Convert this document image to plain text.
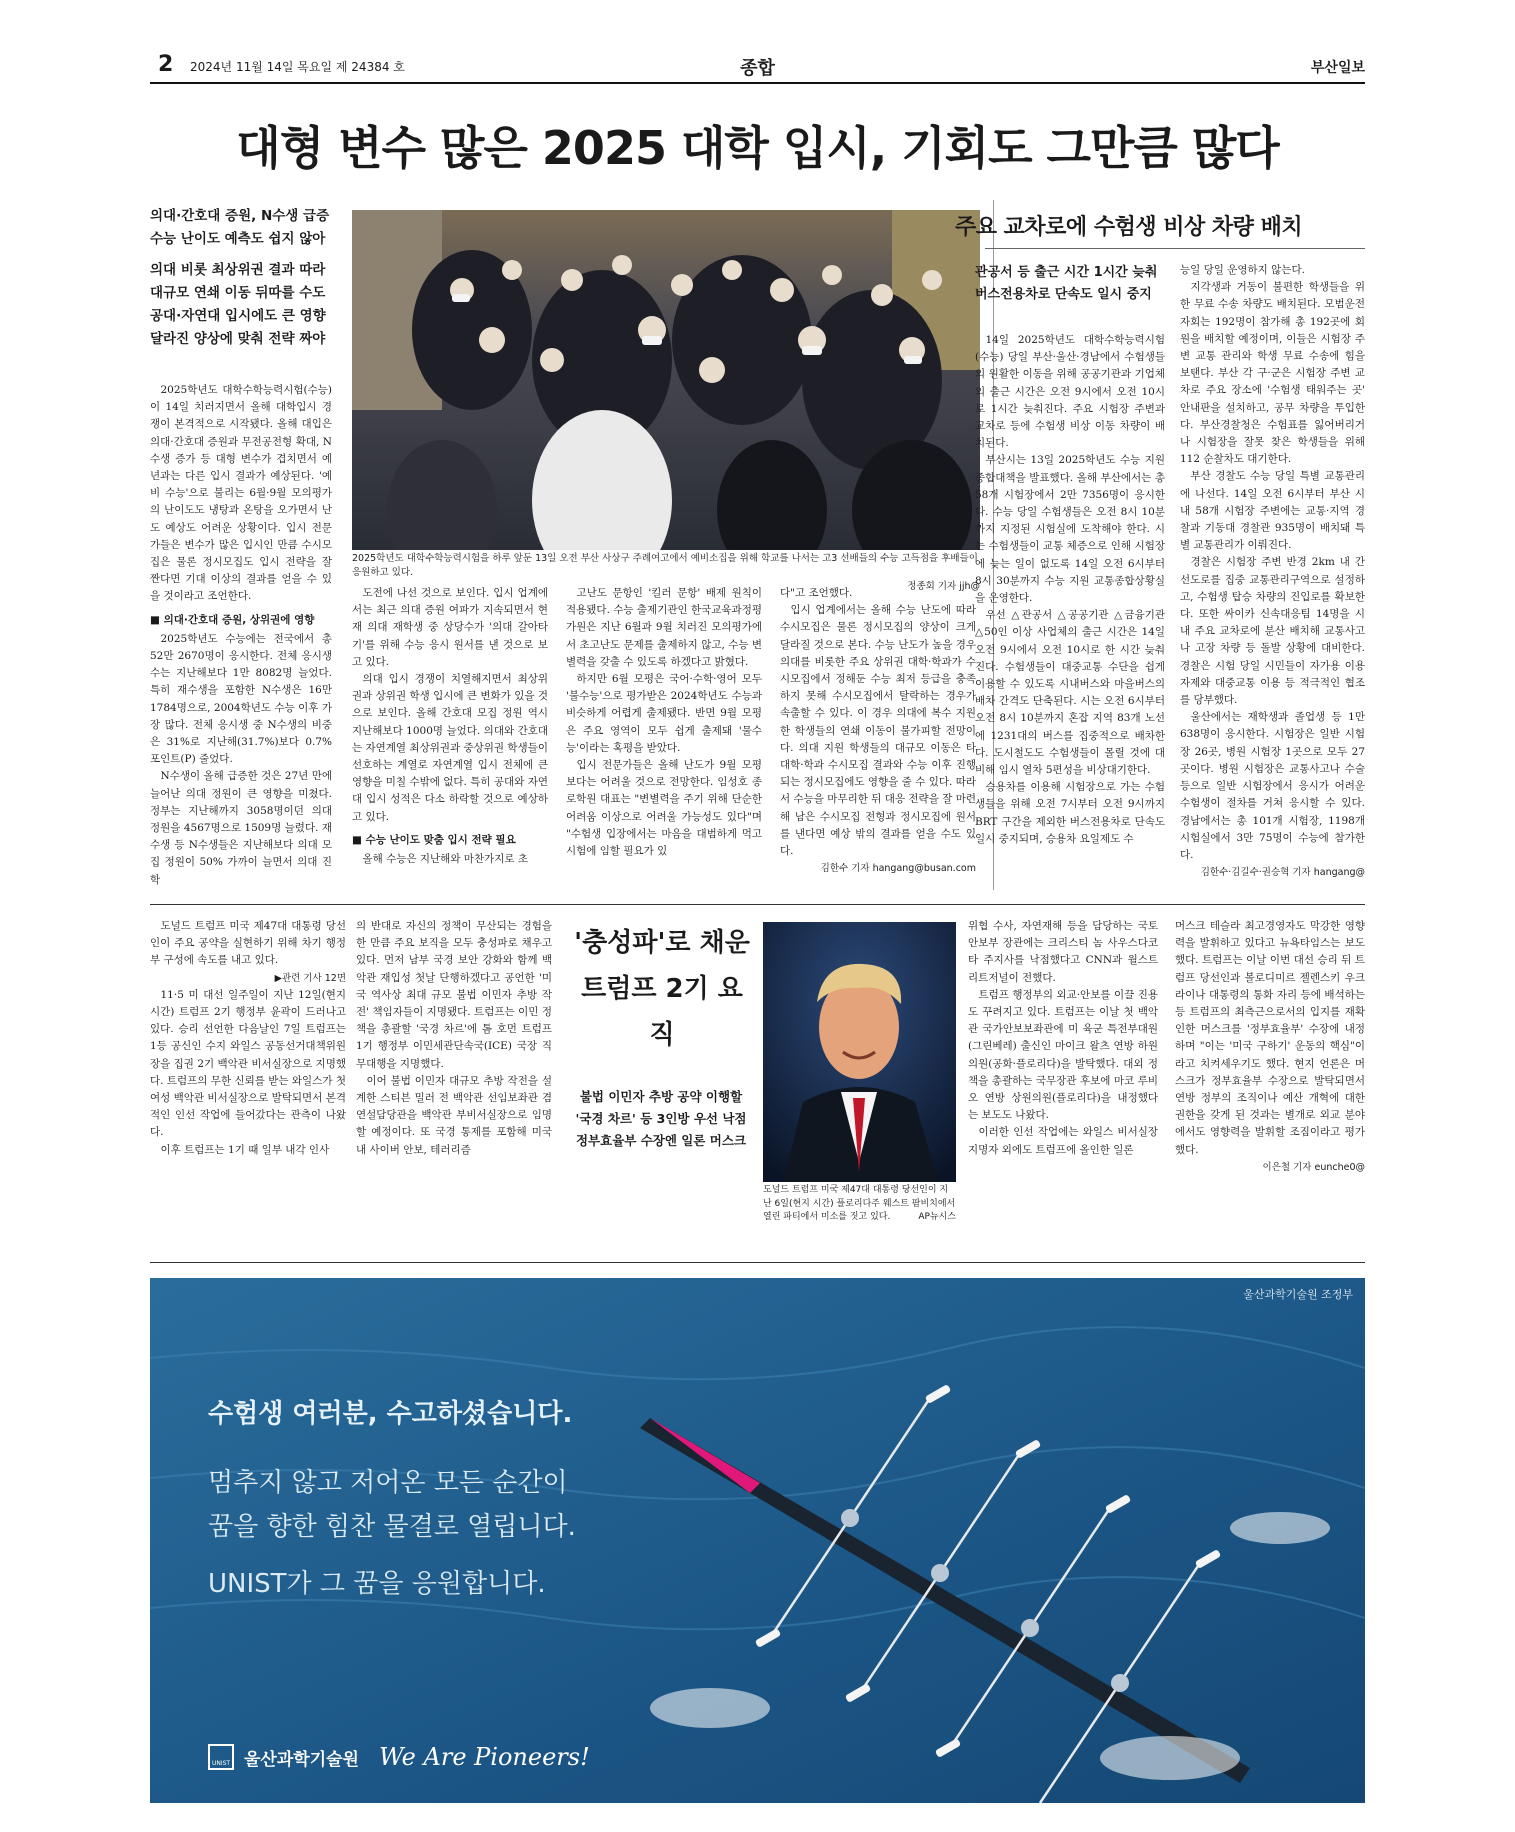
2 2024년 11월 14일 목요일 제 24384 호	종합	부산일보
대형 변수 많은 2025 대학 입시, 기회도 그만큼 많다
의대·간호대 증원, N수생 급증
수능 난이도 예측도 쉽지 않아
의대 비롯 최상위권 결과 따라
대규모 연쇄 이동 뒤따를 수도
공대·자연대 입시에도 큰 영향
달라진 양상에 맞춰 전략 짜야

2025학년도 대학수학능력시험(수능)이 14일 치러지면서 올해 대학입시 경쟁이 본격적으로 시작됐다. 올해 대입은 의대·간호대 증원과 무전공전형 확대, N수생 증가 등 대형 변수가 겹치면서 예년과는 다른 입시 결과가 예상된다. '예비 수능'으로 불리는 6월·9월 모의평가의 난이도도 냉탕과 온탕을 오가면서 난도 예상도 어려운 상황이다. 입시 전문가들은 변수가 많은 입시인 만큼 수시모집은 물론 정시모집도 입시 전략을 잘 짠다면 기대 이상의 결과를 얻을 수 있을 것이라고 조언한다.

■ 의대·간호대 증원, 상위권에 영향

2025학년도 수능에는 전국에서 총 52만 2670명이 응시한다. 전체 응시생 수는 지난해보다 1만 8082명 늘었다. 특히 재수생을 포함한 N수생은 16만 1784명으로, 2004학년도 수능 이후 가장 많다. 전체 응시생 중 N수생의 비중은 31%로 지난해(31.7%)보다 0.7%포인트(P) 줄었다.

N수생이 올해 급증한 것은 27년 만에 늘어난 의대 정원이 큰 영향을 미쳤다. 정부는 지난해까지 3058명이던 의대 정원을 4567명으로 1509명 늘렸다. 재수생 등 N수생들은 지난해보다 의대 모집 정원이 50% 가까이 늘면서 의대 진학

2025학년도 대학수학능력시험을 하루 앞둔 13일 오전 부산 사상구 주례여고에서 예비소집을 위해 학교를 나서는 고3 선배들의 수능 고득점을 후배들이 응원하고 있다.
정종회 기자 jjh@

도전에 나선 것으로 보인다. 입시 업계에서는 최근 의대 증원 여파가 지속되면서 현재 의대 재학생 중 상당수가 '의대 갈아타기'를 위해 수능 응시 원서를 낸 것으로 보고 있다.

의대 입시 경쟁이 치열해지면서 최상위권과 상위권 학생 입시에 큰 변화가 있을 것으로 보인다. 올해 간호대 모집 정원 역시 지난해보다 1000명 늘었다. 의대와 간호대는 자연계열 최상위권과 중상위권 학생들이 선호하는 계열로 자연계열 입시 전체에 큰 영향을 미칠 수밖에 없다. 특히 공대와 자연대 입시 성적은 다소 하락할 것으로 예상하고 있다.

■ 수능 난이도 맞춤 입시 전략 필요

올해 수능은 지난해와 마찬가지로 초

고난도 문항인 '킬러 문항' 배제 원칙이 적용됐다. 수능 출제기관인 한국교육과정평가원은 지난 6월과 9월 치러진 모의평가에서 초고난도 문제를 출제하지 않고, 수능 변별력을 갖출 수 있도록 하겠다고 밝혔다.

하지만 6월 모평은 국어·수학·영어 모두 '불수능'으로 평가받은 2024학년도 수능과 비슷하게 어렵게 출제됐다. 반면 9월 모평은 주요 영역이 모두 쉽게 출제돼 '물수능'이라는 혹평을 받았다.

입시 전문가들은 올해 난도가 9월 모평보다는 어려울 것으로 전망한다. 임성호 종로학원 대표는 "변별력을 주기 위해 단순한 어려움 이상으로 어려울 가능성도 있다"며 "수험생 입장에서는 마음을 대범하게 먹고 시험에 임할 필요가 있

다"고 조언했다.

입시 업계에서는 올해 수능 난도에 따라 수시모집은 물론 정시모집의 양상이 크게 달라질 것으로 본다. 수능 난도가 높을 경우 의대를 비롯한 주요 상위권 대학·학과가 수시모집에서 정해둔 수능 최저 등급을 충족하지 못해 수시모집에서 탈락하는 경우가 속출할 수 있다. 이 경우 의대에 복수 지원한 학생들의 연쇄 이동이 불가피할 전망이다. 의대 지원 학생들의 대규모 이동은 타 대학·학과 수시모집 결과와 수능 이후 진행되는 정시모집에도 영향을 줄 수 있다. 따라서 수능을 마무리한 뒤 대응 전략을 잘 마련해 남은 수시모집 전형과 정시모집에 원서를 낸다면 예상 밖의 결과를 얻을 수도 있다.

김한수 기자 hangang@busan.com

주요 교차로에 수험생 비상 차량 배치
관공서 등 출근 시간 1시간 늦춰
버스전용차로 단속도 일시 중지

14일 2025학년도 대학수학능력시험(수능) 당일 부산·울산·경남에서 수험생들의 원활한 이동을 위해 공공기관과 기업체의 출근 시간은 오전 9시에서 오전 10시로 1시간 늦춰진다. 주요 시험장 주변과 교차로 등에 수험생 비상 이동 차량이 배치된다.

부산시는 13일 2025학년도 수능 지원 종합대책을 발표했다. 올해 부산에서는 총 58개 시험장에서 2만 7356명이 응시한다. 수능 당일 수험생들은 오전 8시 10분까지 지정된 시험실에 도착해야 한다. 시는 수험생들이 교통 체증으로 인해 시험장에 늦는 일이 없도록 14일 오전 6시부터 8시 30분까지 수능 지원 교통종합상황실을 운영한다.

우선 △관공서 △공공기관 △금융기관 △50인 이상 사업체의 출근 시간은 14일 오전 9시에서 오전 10시로 한 시간 늦춰진다. 수험생들이 대중교통 수단을 쉽게 이용할 수 있도록 시내버스와 마을버스의 배차 간격도 단축된다. 시는 오전 6시부터 오전 8시 10분까지 혼잡 지역 83개 노선에 1231대의 버스를 집중적으로 배차한다. 도시철도도 수험생들이 몰릴 것에 대비해 임시 열차 5편성을 비상대기한다.

승용차를 이용해 시험장으로 가는 수험생들을 위해 오전 7시부터 오전 9시까지 BRT 구간을 제외한 버스전용차로 단속도 일시 중지되며, 승용차 요일제도 수

능일 당일 운영하지 않는다.

지각생과 거동이 불편한 학생들을 위한 무료 수송 차량도 배치된다. 모범운전자회는 192명이 참가해 총 192곳에 회원을 배치할 예정이며, 이들은 시험장 주변 교통 관리와 학생 무료 수송에 힘을 보탠다. 부산 각 구·군은 시험장 주변 교차로 주요 장소에 '수험생 태워주는 곳' 안내판을 설치하고, 공무 차량을 투입한다. 부산경찰청은 수험표를 잃어버리거나 시험장을 잘못 찾은 학생들을 위해 112 순찰차도 대기한다.

부산 경찰도 수능 당일 특별 교통관리에 나선다. 14일 오전 6시부터 부산 시내 58개 시험장 주변에는 교통·지역 경찰과 기동대 경찰관 935명이 배치돼 특별 교통관리가 이뤄진다.

경찰은 시험장 주변 반경 2km 내 간선도로를 집중 교통관리구역으로 설정하고, 수험생 탑승 차량의 진입로를 확보한다. 또한 싸이카 신속대응팀 14명을 시내 주요 교차로에 분산 배치해 교통사고나 고장 차량 등 돌발 상황에 대비한다. 경찰은 시험 당일 시민들이 자가용 이용 자제와 대중교통 이용 등 적극적인 협조를 당부했다.

울산에서는 재학생과 졸업생 등 1만 638명이 응시한다. 시험장은 일반 시험장 26곳, 병원 시험장 1곳으로 모두 27곳이다. 병원 시험장은 교통사고나 수술 등으로 일반 시험장에서 응시가 어려운 수험생이 절차를 거쳐 응시할 수 있다. 경남에서는 총 101개 시험장, 1198개 시험실에서 3만 75명이 수능에 참가한다.

김한수·김길수·권승혁 기자 hangang@

도널드 트럼프 미국 제47대 대통령 당선인이 주요 공약을 실현하기 위해 차기 행정부 구성에 속도를 내고 있다.

▶관련 기사 12면

11·5 미 대선 일주일이 지난 12일(현지 시간) 트럼프 2기 행정부 윤곽이 드러나고 있다. 승리 선언한 다음날인 7일 트럼프는 1등 공신인 수지 와일스 공동선거대책위원장을 집권 2기 백악관 비서실장으로 지명했다. 트럼프의 무한 신뢰를 받는 와일스가 첫 여성 백악관 비서실장으로 발탁되면서 본격적인 인선 작업에 들어갔다는 관측이 나왔다.

이후 트럼프는 1기 때 일부 내각 인사

의 반대로 자신의 정책이 무산되는 경험을 한 만큼 주요 보직을 모두 충성파로 채우고 있다. 먼저 남부 국경 보안 강화와 함께 백악관 재입성 첫날 단행하겠다고 공언한 '미국 역사상 최대 규모 불법 이민자 추방 작전' 책임자들이 지명됐다. 트럼프는 이민 정책을 총괄할 '국경 차르'에 톰 호먼 트럼프 1기 행정부 이민세관단속국(ICE) 국장 직무대행을 지명했다.

이어 불법 이민자 대규모 추방 작전을 설계한 스티븐 밀러 전 백악관 선임보좌관 겸 연설담당관을 백악관 부비서실장으로 임명할 예정이다. 또 국경 통제를 포함해 미국 내 사이버 안보, 테러리즘

'충성파'로 채운
트럼프 2기 요직
불법 이민자 추방 공약 이행할
'국경 차르' 등 3인방 우선 낙점
정부효율부 수장엔 일론 머스크
도널드 트럼프 미국 제47대 대통령 당선인이 지난 6일(현지 시간) 플로리다주 웨스트 팜비치에서 열린 파티에서 미소를 짓고 있다.	AP뉴시스

위협 수사, 자연재해 등을 담당하는 국토안보부 장관에는 크리스티 놈 사우스다코타 주지사를 낙점했다고 CNN과 월스트리트저널이 전했다.

트럼프 행정부의 외교·안보를 이끌 진용도 꾸려지고 있다. 트럼프는 이날 첫 백악관 국가안보보좌관에 미 육군 특전부대원(그린베레) 출신인 마이크 왈츠 연방 하원의원(공화·플로리다)을 발탁했다. 대외 정책을 총괄하는 국무장관 후보에 마코 루비오 연방 상원의원(플로리다)을 내정했다는 보도도 나왔다.

이러한 인선 작업에는 와일스 비서실장 지명자 외에도 트럼프에 올인한 일론

머스크 테슬라 최고경영자도 막강한 영향력을 발휘하고 있다고 뉴욕타임스는 보도했다. 트럼프는 이날 이번 대선 승리 뒤 트럼프 당선인과 볼로디미르 젤렌스키 우크라이나 대통령의 통화 자리 등에 배석하는 등 트럼프의 최측근으로서의 입지를 재확인한 머스크를 '정부효율부' 수장에 내정하며 "이는 '미국 구하기' 운동의 핵심"이라고 치켜세우기도 했다. 현지 언론은 머스크가 정부효율부 수장으로 발탁되면서 연방 정부의 조직이나 예산 개혁에 대한 권한을 갖게 된 것과는 별개로 외교 분야에서도 영향력을 발휘할 조짐이라고 평가했다.

이은철 기자 eunche0@

울산과학기술원 조정부
수험생 여러분, 수고하셨습니다.
멈추지 않고 저어온 모든 순간이
꿈을 향한 힘찬 물결로 열립니다.
UNIST가 그 꿈을 응원합니다.
UNIST 울산과학기술원 We Are Pioneers!
